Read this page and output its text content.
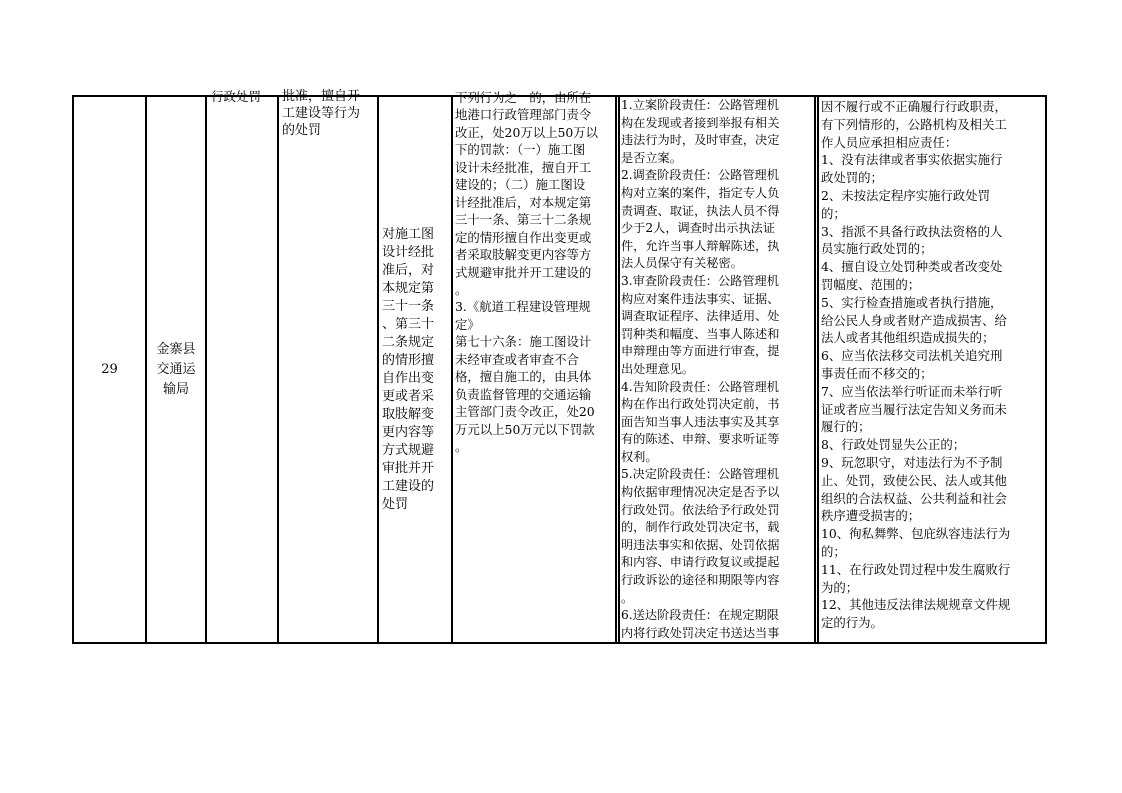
29
金寨县
交通运
输局
行政处罚	批准，擅自开
工建设等行为
的处罚
对施工图
设计经批
准后，对
本规定第
三十一条
、第三十
二条规定
的情形擅
自作出变
更或者采
取肢解变
更内容等
方式规避
审批并开
工建设的
处罚
下列行为之一的，由所在
地港口行政管理部门责令
改正，处20万以上50万以
下的罚款：（一）施工图
设计未经批准，擅自开工
建设的；（二）施工图设
计经批准后，对本规定第
三十一条、第三十二条规
定的情形擅自作出变更或
者采取肢解变更内容等方
式规避审批并开工建设的
。
3.《航道工程建设管理规
定》
第七十六条：施工图设计
未经审查或者审查不合
格，擅自施工的，由具体
负责监督管理的交通运输
主管部门责令改正，处20
万元以上50万元以下罚款
。
1.立案阶段责任：公路管理机
构在发现或者接到举报有相关
违法行为时，及时审查，决定
是否立案。
2.调查阶段责任：公路管理机
构对立案的案件，指定专人负
责调查、取证，执法人员不得
少于2人，调查时出示执法证
件，允许当事人辩解陈述，执
法人员保守有关秘密。
3.审查阶段责任：公路管理机
构应对案件违法事实、证据、
调查取证程序、法律适用、处
罚种类和幅度、当事人陈述和
申辩理由等方面进行审查，提
出处理意见。
4.告知阶段责任：公路管理机
构在作出行政处罚决定前，书
面告知当事人违法事实及其享
有的陈述、申辩、要求听证等
权利。
5.决定阶段责任：公路管理机
构依据审理情况决定是否予以
行政处罚。依法给予行政处罚
的，制作行政处罚决定书，载
明违法事实和依据、处罚依据
和内容、申请行政复议或提起
行政诉讼的途径和期限等内容
。
6.送达阶段责任：在规定期限
内将行政处罚决定书送达当事
因不履行或不正确履行行政职责，
有下列情形的，公路机构及相关工
作人员应承担相应责任：
1、没有法律或者事实依据实施行
政处罚的；
2、未按法定程序实施行政处罚
的；
3、指派不具备行政执法资格的人
员实施行政处罚的；
4、擅自设立处罚种类或者改变处
罚幅度、范围的；
5、实行检查措施或者执行措施，
给公民人身或者财产造成损害、给
法人或者其他组织造成损失的；
6、应当依法移交司法机关追究刑
事责任而不移交的；
7、应当依法举行听证而未举行听
证或者应当履行法定告知义务而未
履行的；
8、行政处罚显失公正的；
9、玩忽职守，对违法行为不予制
止、处罚，致使公民、法人或其他
组织的合法权益、公共利益和社会
秩序遭受损害的；
10、徇私舞弊、包庇纵容违法行为
的；
11、在行政处罚过程中发生腐败行
为的；
12、其他违反法律法规规章文件规
定的行为。
